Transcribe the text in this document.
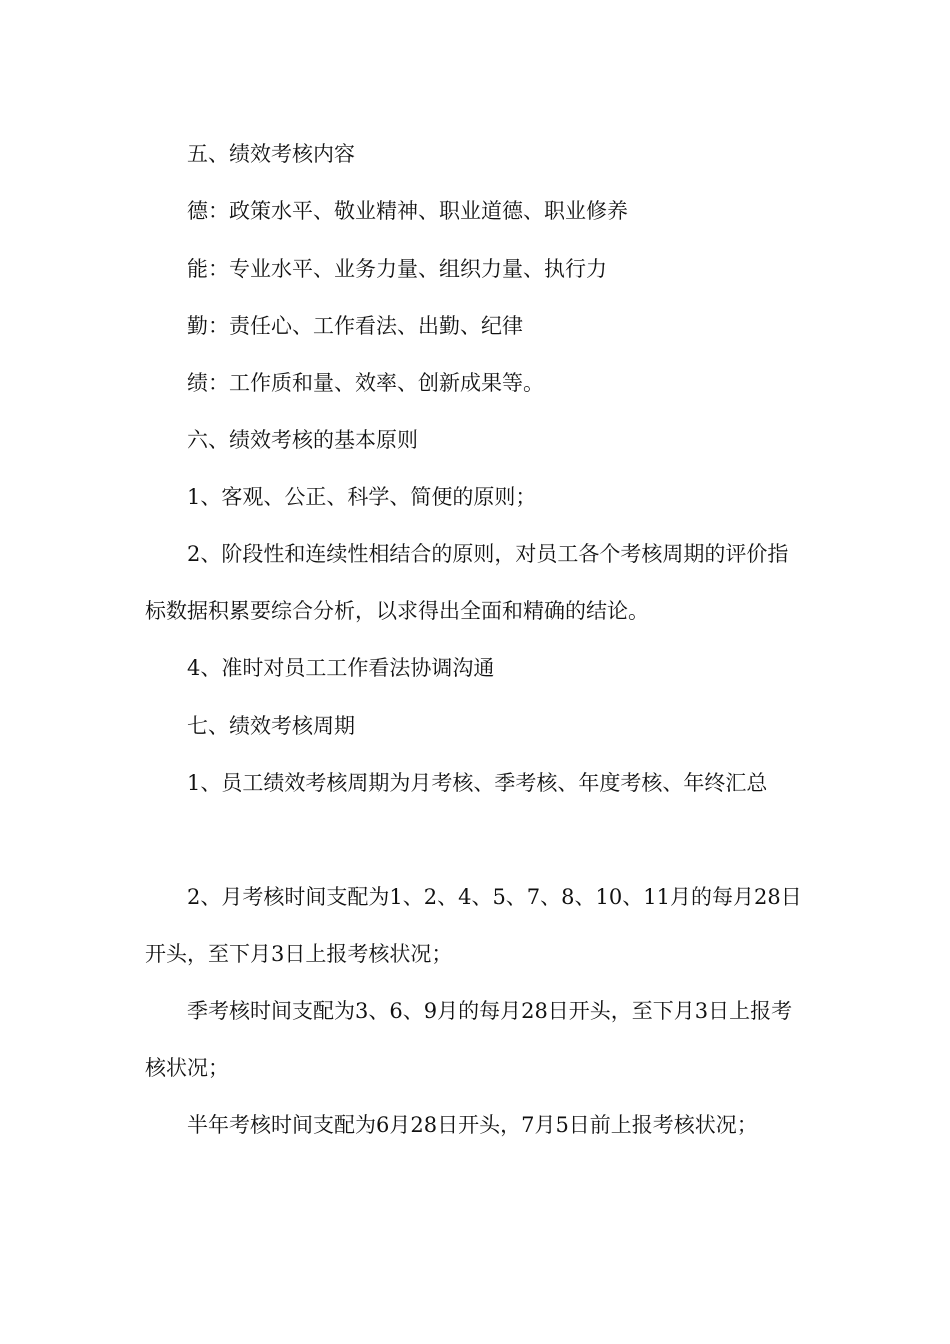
五、绩效考核内容

德：政策水平、敬业精神、职业道德、职业修养

能：专业水平、业务力量、组织力量、执行力

勤：责任心、工作看法、出勤、纪律

绩：工作质和量、效率、创新成果等。

六、绩效考核的基本原则

1、客观、公正、科学、简便的原则；

2、阶段性和连续性相结合的原则，对员工各个考核周期的评价指标数据积累要综合分析，以求得出全面和精确的结论。

4、准时对员工工作看法协调沟通

七、绩效考核周期

1、员工绩效考核周期为月考核、季考核、年度考核、年终汇总

2、月考核时间支配为1、2、4、5、7、8、10、11月的每月28日开头，至下月3日上报考核状况；

季考核时间支配为3、6、9月的每月28日开头，至下月3日上报考核状况；

半年考核时间支配为6月28日开头，7月5日前上报考核状况；
